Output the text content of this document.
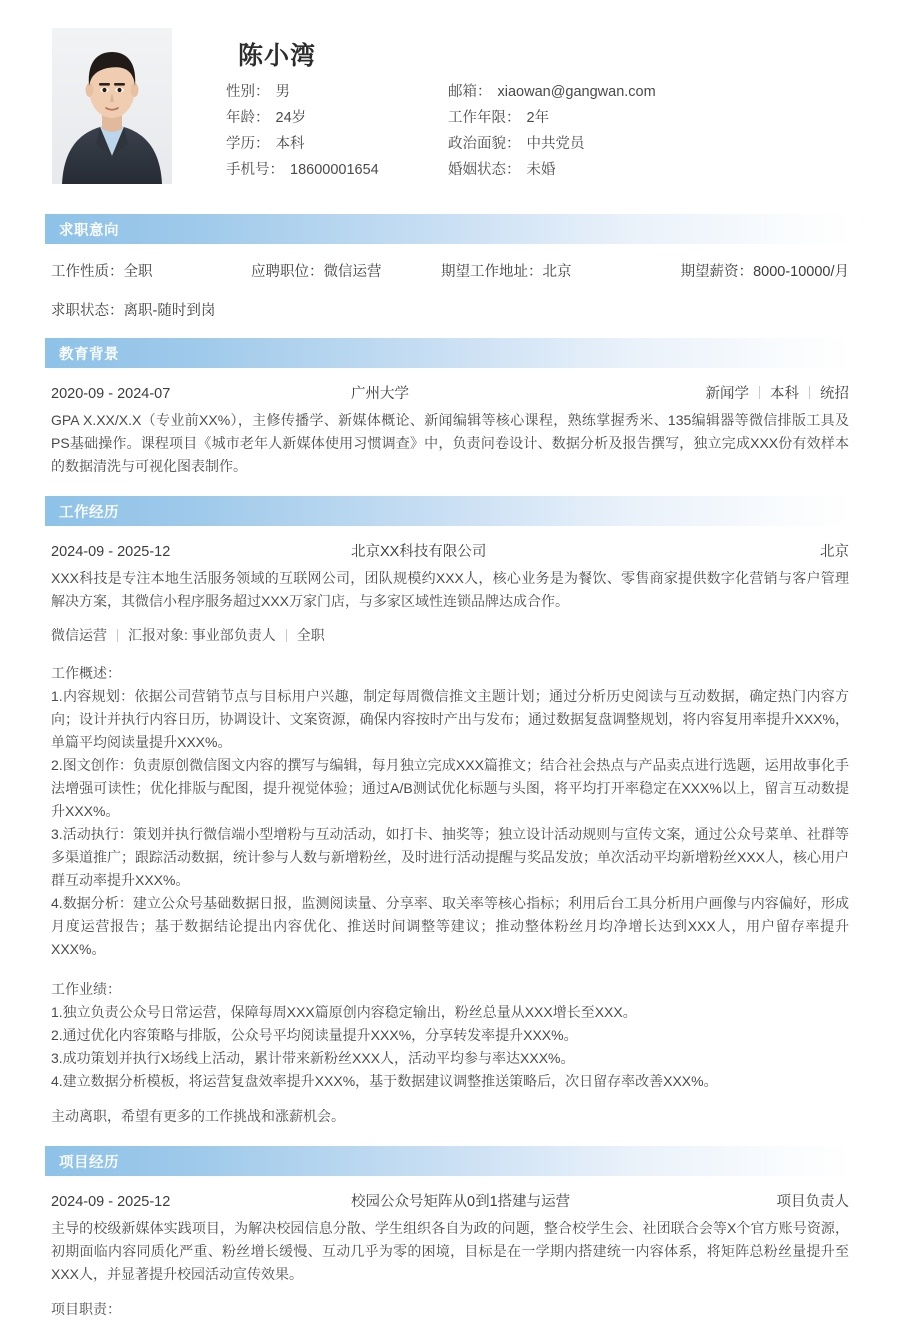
陈小湾
性别： 男	邮箱： xiaowan@gangwan.com
年龄： 24岁	工作年限： 2年
学历： 本科	政治面貌： 中共党员
手机号： 18600001654	婚姻状态： 未婚
求职意向
工作性质：全职	应聘职位：微信运营	期望工作地址：北京	期望薪资：8000-10000/月
求职状态：离职-随时到岗
教育背景
2020-09 - 2024-07	广州大学	新闻学 本科 统招
GPA X.XX/X.X（专业前XX%），主修传播学、新媒体概论、新闻编辑等核心课程，熟练掌握秀米、135编辑器等微信排版工具及PS基础操作。课程项目《城市老年人新媒体使用习惯调查》中，负责问卷设计、数据分析及报告撰写，独立完成XXX份有效样本的数据清洗与可视化图表制作。
工作经历
2024-09 - 2025-12	北京XX科技有限公司	北京
XXX科技是专注本地生活服务领域的互联网公司，团队规模约XXX人，核心业务是为餐饮、零售商家提供数字化营销与客户管理解决方案，其微信小程序服务超过XXX万家门店，与多家区域性连锁品牌达成合作。
微信运营 汇报对象: 事业部负责人 全职
工作概述：
1.内容规划：依据公司营销节点与目标用户兴趣，制定每周微信推文主题计划；通过分析历史阅读与互动数据，确定热门内容方向；设计并执行内容日历，协调设计、文案资源，确保内容按时产出与发布；通过数据复盘调整规划，将内容复用率提升XXX%，单篇平均阅读量提升XXX%。
2.图文创作：负责原创微信图文内容的撰写与编辑，每月独立完成XXX篇推文；结合社会热点与产品卖点进行选题，运用故事化手法增强可读性；优化排版与配图，提升视觉体验；通过A/B测试优化标题与头图，将平均打开率稳定在XXX%以上，留言互动数提升XXX%。
3.活动执行：策划并执行微信端小型增粉与互动活动，如打卡、抽奖等；独立设计活动规则与宣传文案，通过公众号菜单、社群等多渠道推广；跟踪活动数据，统计参与人数与新增粉丝，及时进行活动提醒与奖品发放；单次活动平均新增粉丝XXX人，核心用户群互动率提升XXX%。
4.数据分析：建立公众号基础数据日报，监测阅读量、分享率、取关率等核心指标；利用后台工具分析用户画像与内容偏好，形成月度运营报告；基于数据结论提出内容优化、推送时间调整等建议；推动整体粉丝月均净增长达到XXX人，用户留存率提升XXX%。
工作业绩：
1.独立负责公众号日常运营，保障每周XXX篇原创内容稳定输出，粉丝总量从XXX增长至XXX。
2.通过优化内容策略与排版，公众号平均阅读量提升XXX%，分享转发率提升XXX%。
3.成功策划并执行X场线上活动，累计带来新粉丝XXX人，活动平均参与率达XXX%。
4.建立数据分析模板，将运营复盘效率提升XXX%，基于数据建议调整推送策略后，次日留存率改善XXX%。
主动离职，希望有更多的工作挑战和涨薪机会。
项目经历
2024-09 - 2025-12	校园公众号矩阵从0到1搭建与运营	项目负责人
主导的校级新媒体实践项目，为解决校园信息分散、学生组织各自为政的问题，整合校学生会、社团联合会等X个官方账号资源，初期面临内容同质化严重、粉丝增长缓慢、互动几乎为零的困境，目标是在一学期内搭建统一内容体系，将矩阵总粉丝量提升至XXX人，并显著提升校园活动宣传效果。
项目职责：
